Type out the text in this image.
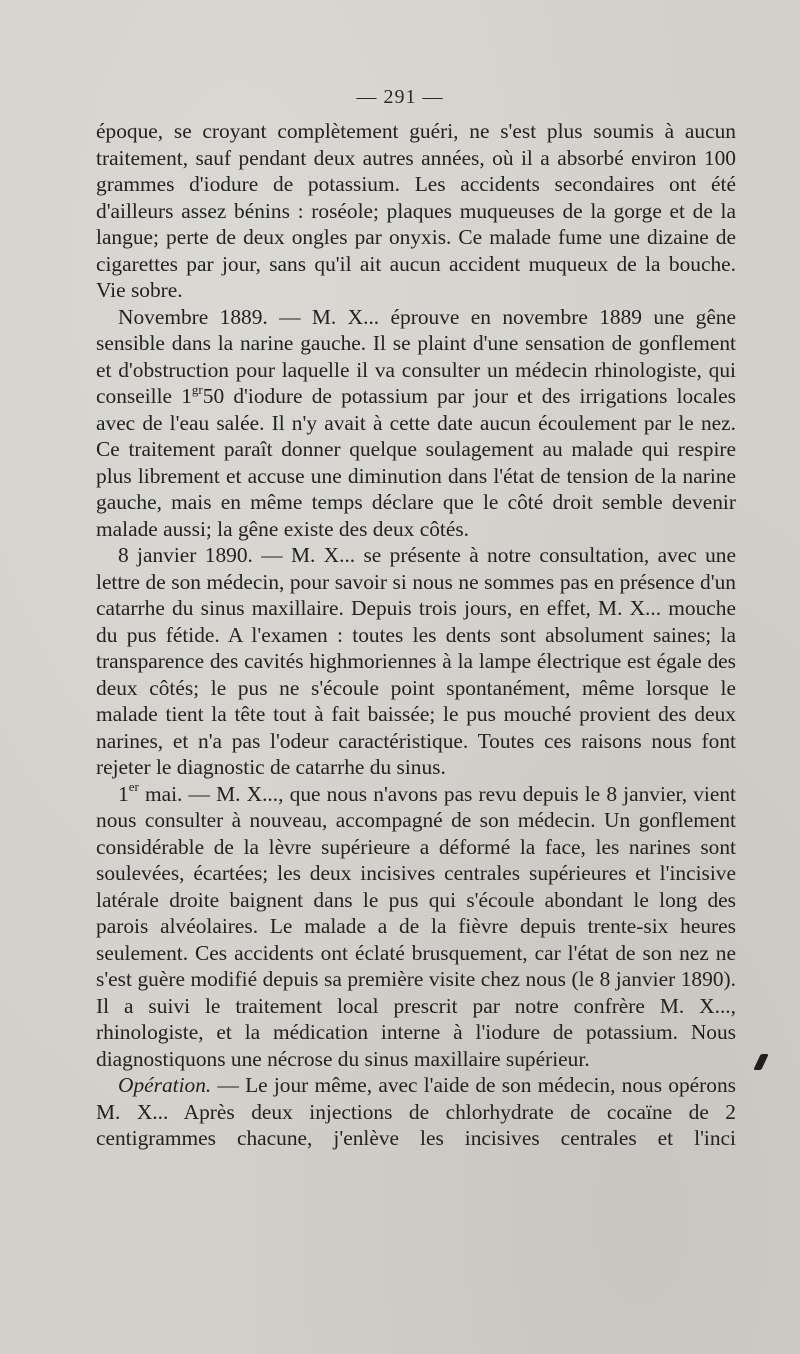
— 291 —

époque, se croyant complètement guéri, ne s'est plus soumis à aucun traitement, sauf pendant deux autres années, où il a absorbé environ 100 grammes d'iodure de potassium. Les accidents secondaires ont été d'ailleurs assez bénins : roséole; plaques muqueuses de la gorge et de la langue; perte de deux ongles par onyxis. Ce malade fume une dizaine de cigarettes par jour, sans qu'il ait aucun accident muqueux de la bouche. Vie sobre.

Novembre 1889. — M. X... éprouve en novembre 1889 une gêne sensible dans la narine gauche. Il se plaint d'une sensation de gonflement et d'obstruction pour laquelle il va consulter un médecin rhinologiste, qui conseille $1^{gr}50$ d'iodure de potassium par jour et des irrigations locales avec de l'eau salée. Il n'y avait à cette date aucun écoulement par le nez. Ce traitement paraît donner quelque soulagement au malade qui respire plus librement et accuse une diminution dans l'état de tension de la narine gauche, mais en même temps déclare que le côté droit semble devenir malade aussi; la gêne existe des deux côtés.

8 janvier 1890. — M. X... se présente à notre consultation, avec une lettre de son médecin, pour savoir si nous ne sommes pas en présence d'un catarrhe du sinus maxillaire. Depuis trois jours, en effet, M. X... mouche du pus fétide. A l'examen : toutes les dents sont absolument saines; la transparence des cavités highmoriennes à la lampe électrique est égale des deux côtés; le pus ne s'écoule point spontanément, même lorsque le malade tient la tête tout à fait baissée; le pus mouché provient des deux narines, et n'a pas l'odeur caractéristique. Toutes ces raisons nous font rejeter le diagnostic de catarrhe du sinus.

1er mai. — M. X..., que nous n'avons pas revu depuis le 8 janvier, vient nous consulter à nouveau, accompagné de son médecin. Un gonflement considérable de la lèvre supérieure a déformé la face, les narines sont soulevées, écartées; les deux incisives centrales supérieures et l'incisive latérale droite baignent dans le pus qui s'écoule abondant le long des parois alvéolaires. Le malade a de la fièvre depuis trente-six heures seulement. Ces accidents ont éclaté brusquement, car l'état de son nez ne s'est guère modifié depuis sa première visite chez nous (le 8 janvier 1890). Il a suivi le traitement local prescrit par notre confrère M. X..., rhinologiste, et la médication interne à l'iodure de potassium. Nous diagnostiquons une nécrose du sinus maxillaire supérieur.

Opération. — Le jour même, avec l'aide de son médecin, nous opérons M. X... Après deux injections de chlorhydrate de cocaïne de 2 centigrammes chacune, j'enlève les incisives centrales et l'inci
